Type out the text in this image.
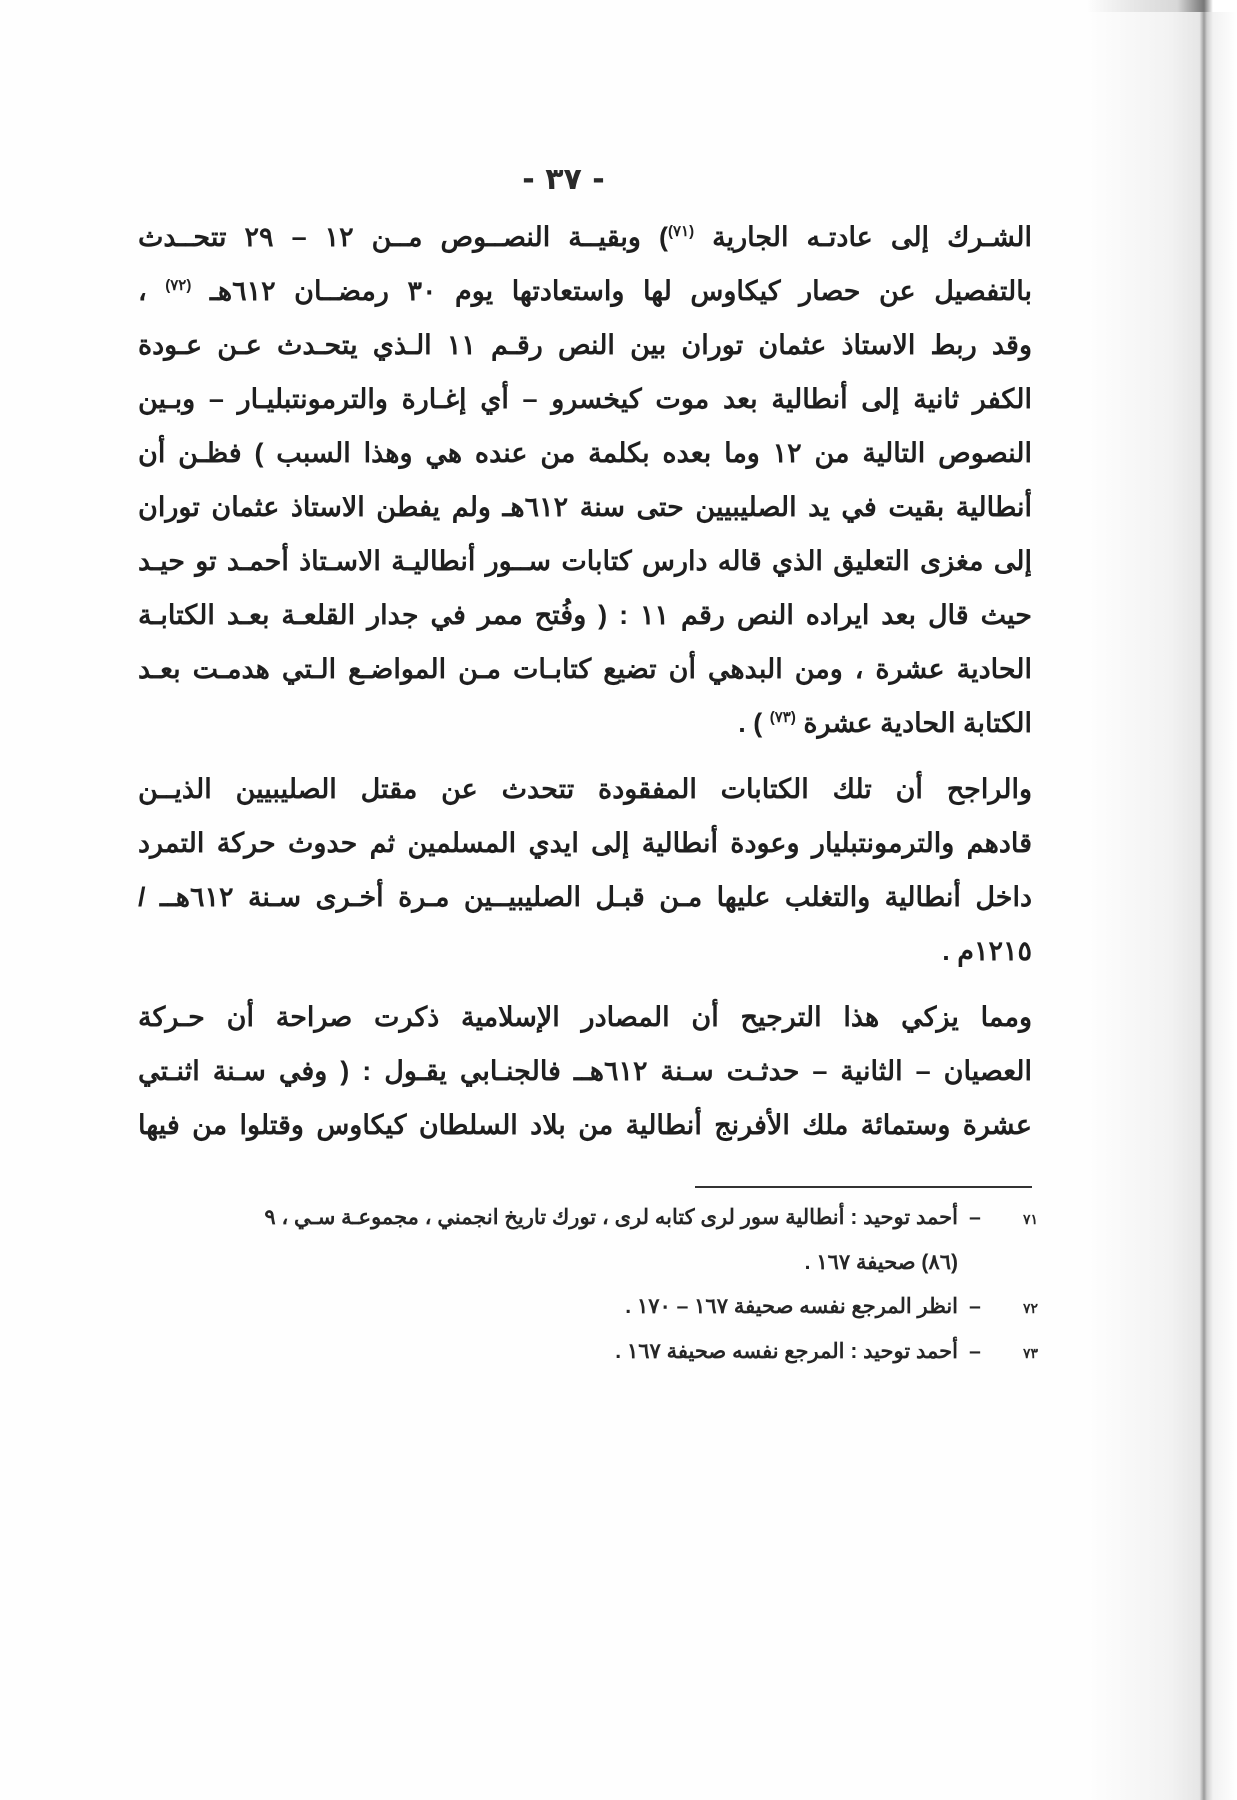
- ٣٧ -
الشـرك إلى عادتـه الجارية $^{(٧١)}$) وبقيــة النصــوص مــن ١٢ – ٢٩ تتحــدث
بالتفصيل عن حصار كيكاوس لها واستعادتها يوم ٣٠ رمضــان ٦١٢هـ $^{(٧٢)}$ ،
وقد ربط الاستاذ عثمان توران بين النص رقـم ١١ الـذي يتحـدث عـن عـودة
الكفر ثانية إلى أنطالية بعد موت كيخسرو – أي إغـارة والترمونتبليـار – وبـين
النصوص التالية من ١٢ وما بعده بكلمة من عنده هي وهذا السبب ) فظـن أن
أنطالية بقيت في يد الصليبيين حتى سنة ٦١٢هـ ولم يفطن الاستاذ عثمان توران
إلى مغزى التعليق الذي قاله دارس كتابات ســور أنطاليـة الاسـتاذ أحمـد تو حيـد
حيث قال بعد ايراده النص رقم ١١ : ( وفُتح ممر في جدار القلعـة بعـد الكتابـة
الحادية عشرة ، ومن البدهي أن تضيع كتابـات مـن المواضـع الـتي هدمـت بعـد
الكتابة الحادية عشرة $^{(٧٣)}$ ) .
والراجح أن تلك الكتابات المفقودة تتحدث عن مقتل الصليبيين الذيــن
قادهم والترمونتبليار وعودة أنطالية إلى ايدي المسلمين ثم حدوث حركة التمرد
داخل أنطالية والتغلب عليها مـن قبـل الصليبيــين مـرة أخـرى سـنة ٦١٢هــ /
١٢١٥م .
ومما يزكي هذا الترجيح أن المصادر الإسلامية ذكرت صراحة أن حـركة
العصيان – الثانية – حدثـت سـنة ٦١٢هــ فالجنـابي يقـول : ( وفي سـنة اثنـتي
عشرة وستمائة ملك الأفرنج أنطالية من بلاد السلطان كيكاوس وقتلوا من فيها
٧١
–
أحمد توحيد : أنطالية سور لرى كتابه لرى ، تورك تاريخ انجمني ، مجموعـة سـي ، ٩
(٨٦) صحيفة ١٦٧ .
٧٢
–
انظر المرجع نفسه صحيفة ١٦٧ – ١٧٠ .
٧٣
–
أحمد توحيد : المرجع نفسه صحيفة ١٦٧ .
